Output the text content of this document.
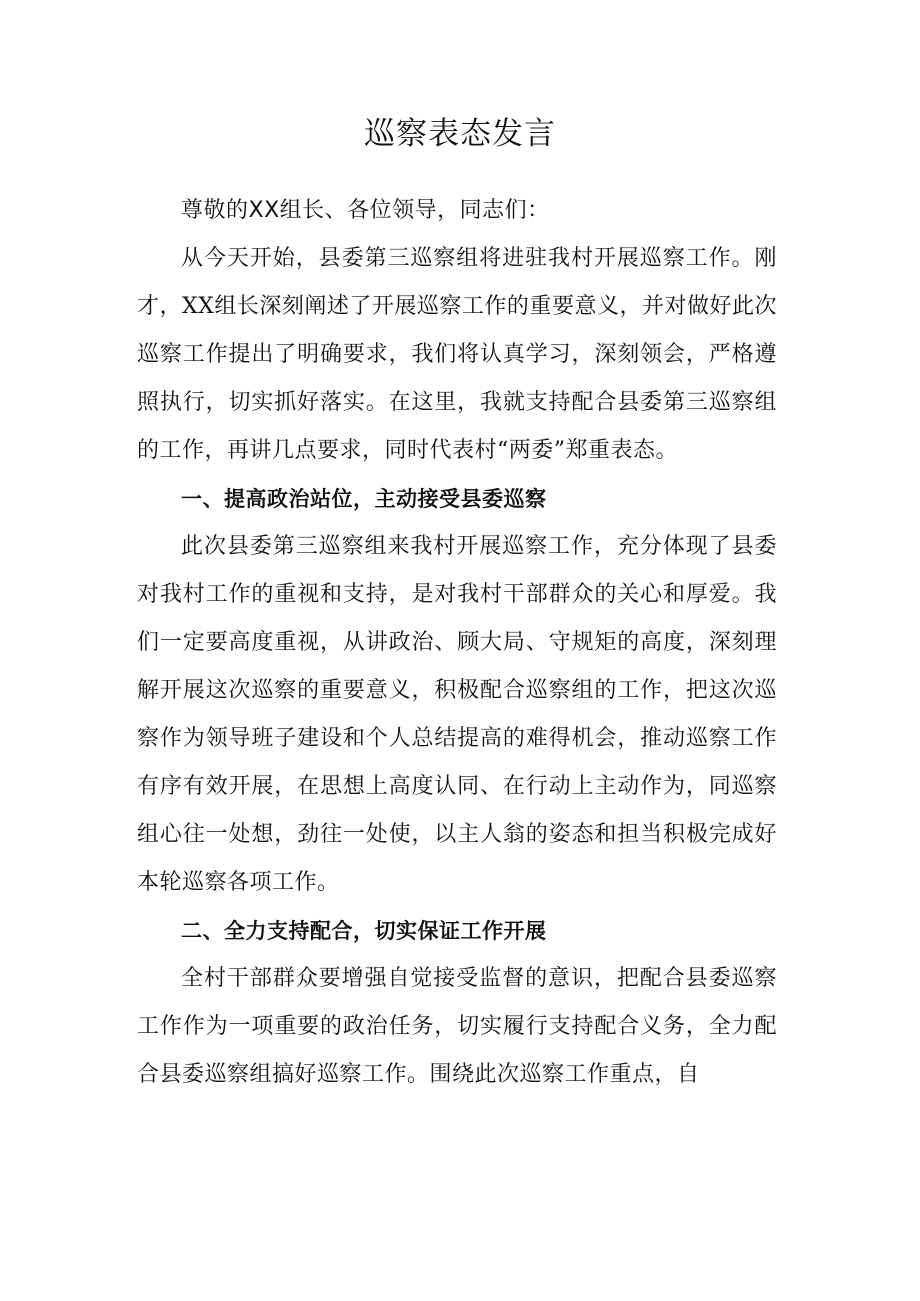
巡察表态发言

尊敬的XX组长、各位领导，同志们：

从今天开始，县委第三巡察组将进驻我村开展巡察工作。刚才，XX组长深刻阐述了开展巡察工作的重要意义，并对做好此次巡察工作提出了明确要求，我们将认真学习，深刻领会，严格遵照执行，切实抓好落实。在这里，我就支持配合县委第三巡察组的工作，再讲几点要求，同时代表村“两委”郑重表态。

一、提高政治站位，主动接受县委巡察

此次县委第三巡察组来我村开展巡察工作，充分体现了县委对我村工作的重视和支持，是对我村干部群众的关心和厚爱。我们一定要高度重视，从讲政治、顾大局、守规矩的高度，深刻理解开展这次巡察的重要意义，积极配合巡察组的工作，把这次巡察作为领导班子建设和个人总结提高的难得机会，推动巡察工作有序有效开展，在思想上高度认同、在行动上主动作为，同巡察组心往一处想，劲往一处使，以主人翁的姿态和担当积极完成好本轮巡察各项工作。

二、全力支持配合，切实保证工作开展

全村干部群众要增强自觉接受监督的意识，把配合县委巡察工作作为一项重要的政治任务，切实履行支持配合义务，全力配合县委巡察组搞好巡察工作。围绕此次巡察工作重点，自
